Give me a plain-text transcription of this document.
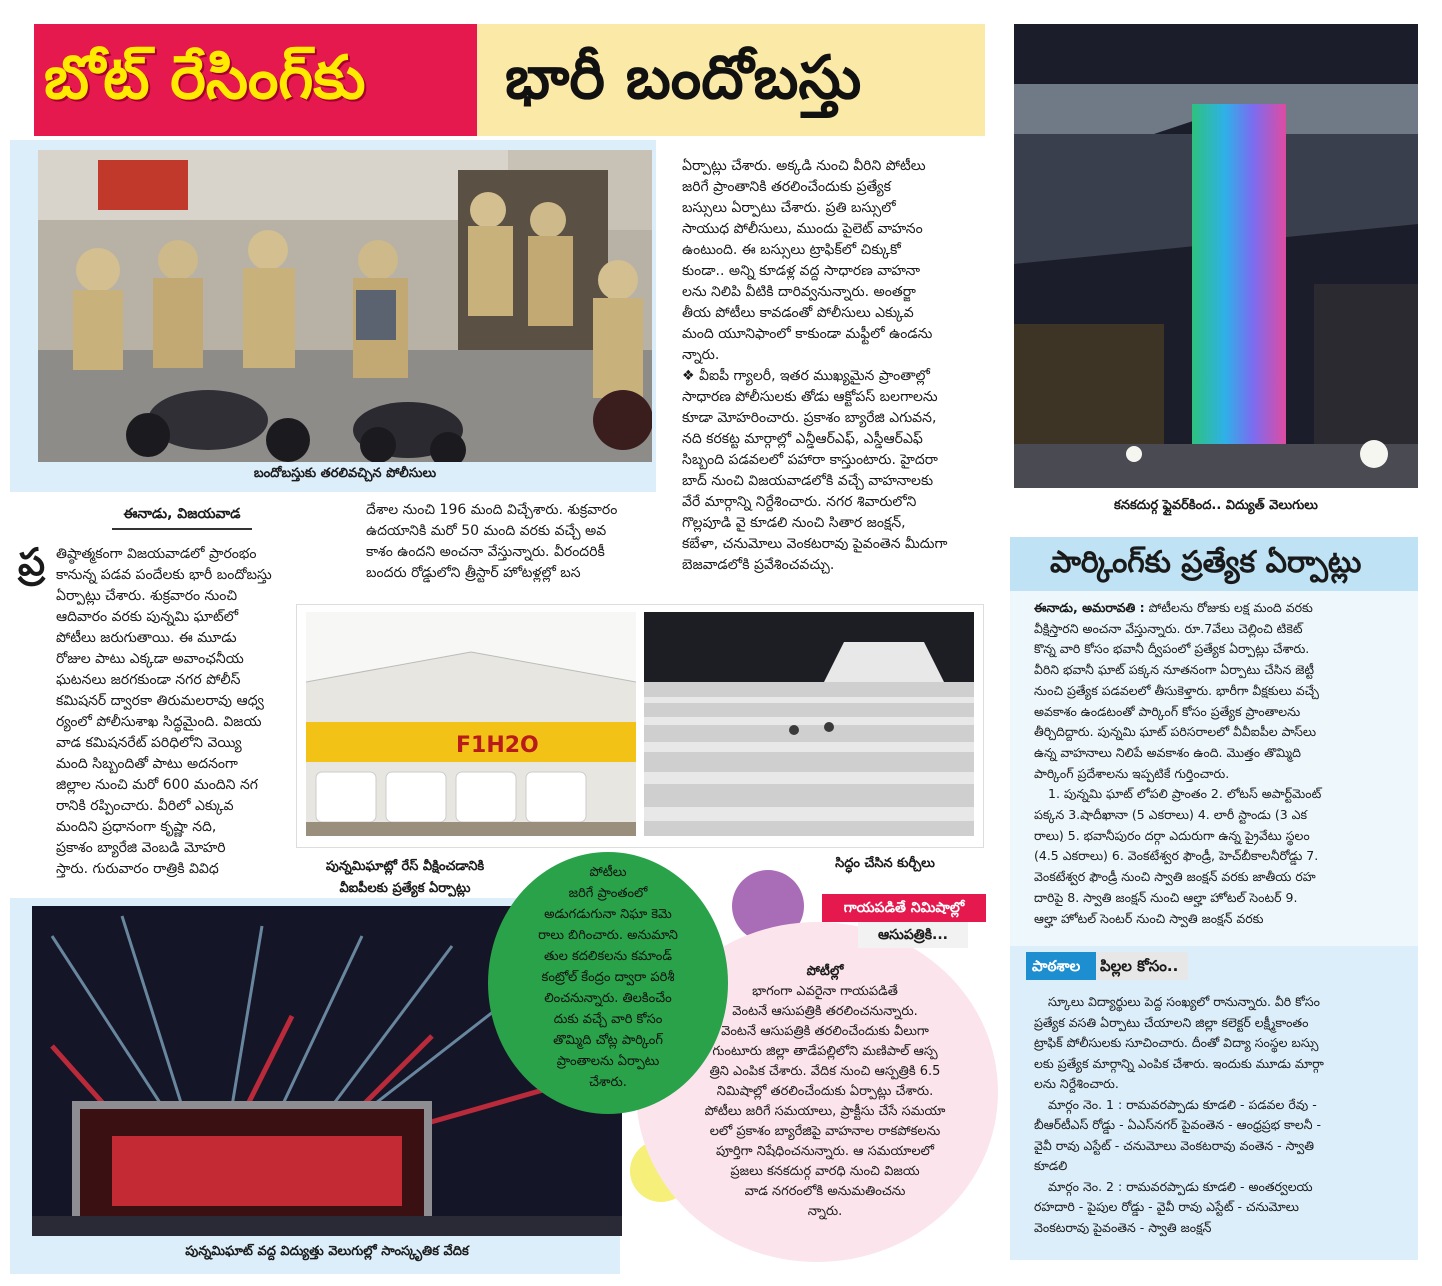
బోట్ రేసింగ్‌కు భారీ బందోబస్తు
బందోబస్తుకు తరలివచ్చిన పోలీసులు
ఏర్పాట్లు చేశారు. అక్కడి నుంచి వీరిని పోటీలు
జరిగే ప్రాంతానికి తరలించేందుకు ప్రత్యేక
బస్సులు ఏర్పాటు చేశారు. ప్రతి బస్సులో
సాయుధ పోలీసులు, ముందు పైలెట్ వాహనం
ఉంటుంది. ఈ బస్సులు ట్రాఫిక్‌లో చిక్కుకో
కుండా.. అన్ని కూడళ్ల వద్ద సాధారణ వాహనా
లను నిలిపి వీటికి దారివ్వనున్నారు. అంతర్జా
తీయ పోటీలు కావడంతో పోలీసులు ఎక్కువ
మంది యూనిఫాంలో కాకుండా మఫ్టీలో ఉండను
న్నారు.
❖ వీఐపీ గ్యాలరీ, ఇతర ముఖ్యమైన ప్రాంతాల్లో
సాధారణ పోలీసులకు తోడు ఆక్టోపస్ బలగాలను
కూడా మోహరించారు. ప్రకాశం బ్యారేజి ఎగువన,
నది కరకట్ట మార్గాల్లో ఎన్డీఆర్ఎఫ్, ఎస్డీఆర్ఎఫ్
సిబ్బంది పడవలలో పహారా కాస్తుంటారు. హైదరా
బాద్ నుంచి విజయవాడలోకి వచ్చే వాహనాలకు
వేరే మార్గాన్ని నిర్దేశించారు. నగర శివారులోని
గొల్లపూడి వై కూడలి నుంచి సితార జంక్షన్,
కబేళా, చనుమోలు వెంకటరావు పైవంతెన మీదుగా
బెజవాడలోకి ప్రవేశించవచ్చు.
ఈనాడు, విజయవాడ
ప్ర తిష్ఠాత్మకంగా విజయవాడలో ప్రారంభం
కానున్న పడవ పందేలకు భారీ బందోబస్తు
ఏర్పాట్లు చేశారు. శుక్రవారం నుంచి
ఆదివారం వరకు పున్నమి ఘాట్‌లో
పోటీలు జరుగుతాయి. ఈ మూడు
రోజుల పాటు ఎక్కడా అవాంఛనీయ
ఘటనలు జరగకుండా నగర పోలీస్
కమిషనర్ ద్వారకా తిరుమలరావు ఆధ్వ
ర్యంలో పోలీసుశాఖ సిద్ధమైంది. విజయ
వాడ కమిషనరేట్ పరిధిలోని వెయ్యి
మంది సిబ్బందితో పాటు అదనంగా
జిల్లాల నుంచి మరో 600 మందిని నగ
రానికి రప్పించారు. వీరిలో ఎక్కువ
మందిని ప్రధానంగా కృష్ణా నది,
ప్రకాశం బ్యారేజి వెంబడి మోహరి
స్తారు. గురువారం రాత్రికి వివిధ
దేశాల నుంచి 196 మంది విచ్చేశారు. శుక్రవారం
ఉదయానికి మరో 50 మంది వరకు వచ్చే అవ
కాశం ఉందని అంచనా వేస్తున్నారు. వీరందరికీ
బందరు రోడ్డులోని త్రీస్టార్ హోటళ్లల్లో బస
F1H2O
పున్నమిఘాట్లో రేస్ వీక్షించడానికి
వీఐపీలకు ప్రత్యేక ఏర్పాట్లు
సిద్ధం చేసిన కుర్చీలు
పున్నమిఘాట్ వద్ద విద్యుత్తు వెలుగుల్లో సాంస్కృతిక వేదిక
పోటీలు
జరిగే ప్రాంతంలో
అడుగడుగునా నిఘా కెమె
రాలు బిగించారు. అనుమాని
తుల కదలికలను కమాండ్
కంట్రోల్ కేంద్రం ద్వారా పరిశీ
లించనున్నారు. తిలకించేం
దుకు వచ్చే వారి కోసం
తొమ్మిది చోట్ల పార్కింగ్
ప్రాంతాలను ఏర్పాటు
చేశారు.
గాయపడితే నిమిషాల్లో
ఆసుపత్రికి...
పోటీల్లో
భాగంగా ఎవరైనా గాయపడితే
వెంటనే ఆసుపత్రికి తరలించనున్నారు.
వెంటనే ఆసుపత్రికి తరలించేందుకు వీలుగా
గుంటూరు జిల్లా తాడేపల్లిలోని మణిపాల్ ఆస్ప
త్రిని ఎంపిక చేశారు. వేదిక నుంచి ఆస్పత్రికి 6.5
నిమిషాల్లో తరలించేందుకు ఏర్పాట్లు చేశారు.
పోటీలు జరిగే సమయాలు, ప్రాక్టీసు చేసే సమయా
లలో ప్రకాశం బ్యారేజిపై వాహనాల రాకపోకలను
పూర్తిగా నిషేధించనున్నారు. ఆ సమయాలలో
ప్రజలు కనకదుర్గ వారధి నుంచి విజయ
వాడ నగరంలోకి అనుమతించను
న్నారు.
కనకదుర్గ ఫ్లైవర్‌కింద.. విద్యుత్ వెలుగులు
పార్కింగ్‌కు ప్రత్యేక ఏర్పాట్లు
ఈనాడు, అమరావతి : పోటీలను రోజుకు లక్ష మంది వరకు
వీక్షిస్తారని అంచనా వేస్తున్నారు. రూ.7వేలు చెల్లించి టికెట్
కొన్న వారి కోసం భవానీ ద్వీపంలో ప్రత్యేక ఏర్పాట్లు చేశారు.
వీరిని భవానీ ఘాట్ పక్కన నూతనంగా ఏర్పాటు చేసిన జెట్టీ
నుంచి ప్రత్యేక పడవలలో తీసుకెళ్తారు. భారీగా వీక్షకులు వచ్చే
అవకాశం ఉండటంతో పార్కింగ్ కోసం ప్రత్యేక ప్రాంతాలను
తీర్చిదిద్దారు. పున్నమి ఘాట్ పరిసరాలలో వీవీఐపీల పాస్‌లు
ఉన్న వాహనాలు నిలిపే అవకాశం ఉంది. మొత్తం తొమ్మిది
పార్కింగ్ ప్రదేశాలను ఇప్పటికే గుర్తించారు.
1. పున్నమి ఘాట్ లోపలి ప్రాంతం 2. లోటస్ అపార్ట్‌మెంట్
పక్కన 3.షాదీఖానా (5 ఎకరాలు) 4. లారీ స్టాండు (3 ఎక
రాలు) 5. భవానీపురం దర్గా ఎదురుగా ఉన్న ప్రైవేటు స్థలం
(4.5 ఎకరాలు) 6. వెంకటేశ్వర ఫౌండ్రీ, హెచ్‌బీకాలనీరోడ్డు 7.
వెంకటేశ్వర ఫౌండ్రీ నుంచి స్వాతి జంక్షన్ వరకు జాతీయ రహ
దారిపై 8. స్వాతి జంక్షన్ నుంచి ఆల్హా హోటల్ సెంటర్ 9.
ఆల్హా హోటల్ సెంటర్ నుంచి స్వాతి జంక్షన్ వరకు
పాఠశాల	పిల్లల కోసం..
స్కూలు విద్యార్థులు పెద్ద సంఖ్యలో రానున్నారు. వీరి కోసం
ప్రత్యేక వసతి ఏర్పాటు చేయాలని జిల్లా కలెక్టర్ లక్ష్మీకాంతం
ట్రాఫిక్ పోలీసులకు సూచించారు. దీంతో విద్యా సంస్థల బస్సు
లకు ప్రత్యేక మార్గాన్ని ఎంపిక చేశారు. ఇందుకు మూడు మార్గా
లను నిర్దేశించారు.
మార్గం నెం. 1 : రామవరప్పాడు కూడలి - పడవల రేవు -
బీఆర్‌టీఎస్ రోడ్డు - ఏఎస్‌నగర్ పైవంతెన - ఆంధ్రప్రభ కాలనీ -
వైవీ రావు ఎస్టేట్ - చనుమోలు వెంకటరావు వంతెన - స్వాతి
కూడలి
మార్గం నెం. 2 : రామవరప్పాడు కూడలి - అంతర్వలయ
రహదారి - పైపుల రోడ్డు - వైవీ రావు ఎస్టేట్ - చనుమోలు
వెంకటరావు పైవంతెన - స్వాతి జంక్షన్
